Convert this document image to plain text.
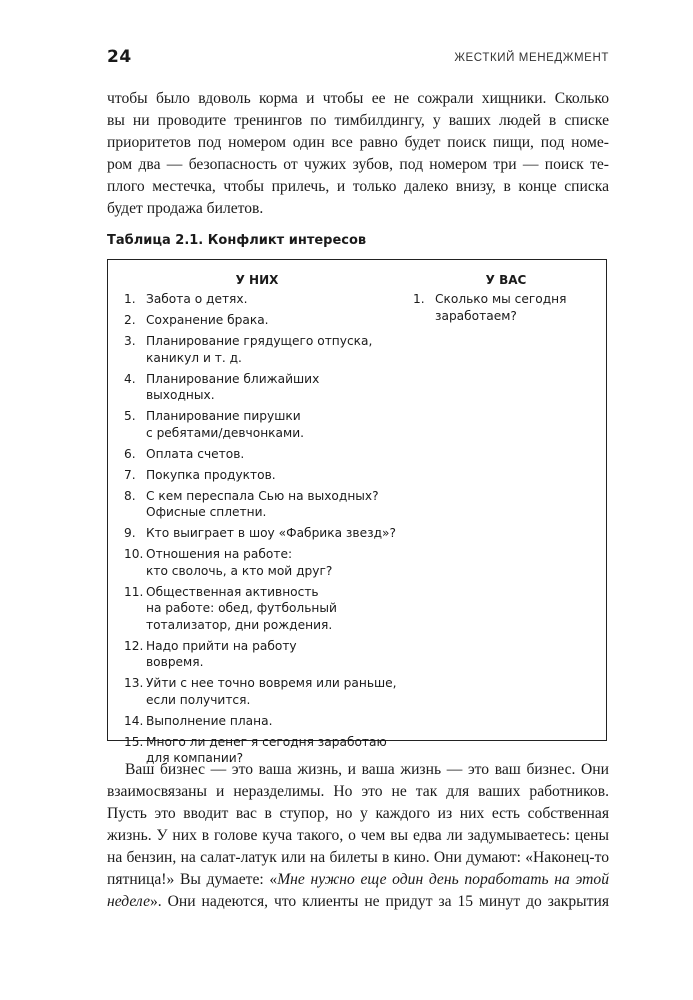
24	ЖЕСТКИЙ МЕНЕДЖМЕНТ
чтобы было вдоволь корма и чтобы ее не сожрали хищники. Сколько
вы ни проводите тренингов по тимбилдингу, у ваших людей в списке
приоритетов под номером один все равно будет поиск пищи, под номе-
ром два — безопасность от чужих зубов, под номером три — поиск те-
плого местечка, чтобы прилечь, и только далеко внизу, в конце списка
будет продажа билетов.
Таблица 2.1. Конфликт интересов
У НИХ	У ВАС
1. Забота о детях.
2. Сохранение брака.
3. Планирование грядущего отпуска,
каникул и т. д.
4. Планирование ближайших
выходных.
5. Планирование пирушки
с ребятами/девчонками.
6. Оплата счетов.
7. Покупка продуктов.
8. С кем переспала Сью на выходных?
Офисные сплетни.
9. Кто выиграет в шоу «Фабрика звезд»?
10. Отношения на работе:
кто сволочь, а кто мой друг?
11. Общественная активность
на работе: обед, футбольный
тотализатор, дни рождения.
12. Надо прийти на работу
вовремя.
13. Уйти с нее точно вовремя или раньше,
если получится.
14. Выполнение плана.
15. Много ли денег я сегодня заработаю
для компании?
1. Сколько мы сегодня
заработаем?
Ваш бизнес — это ваша жизнь, и ваша жизнь — это ваш бизнес. Они
взаимосвязаны и неразделимы. Но это не так для ваших работников.
Пусть это вводит вас в ступор, но у каждого из них есть собственная
жизнь. У них в голове куча такого, о чем вы едва ли задумываетесь: цены
на бензин, на салат-латук или на билеты в кино. Они думают: «Наконец-то
пятница!» Вы думаете: «Мне нужно еще один день поработать на этой
неделе». Они надеются, что клиенты не придут за 15 минут до закрытия
